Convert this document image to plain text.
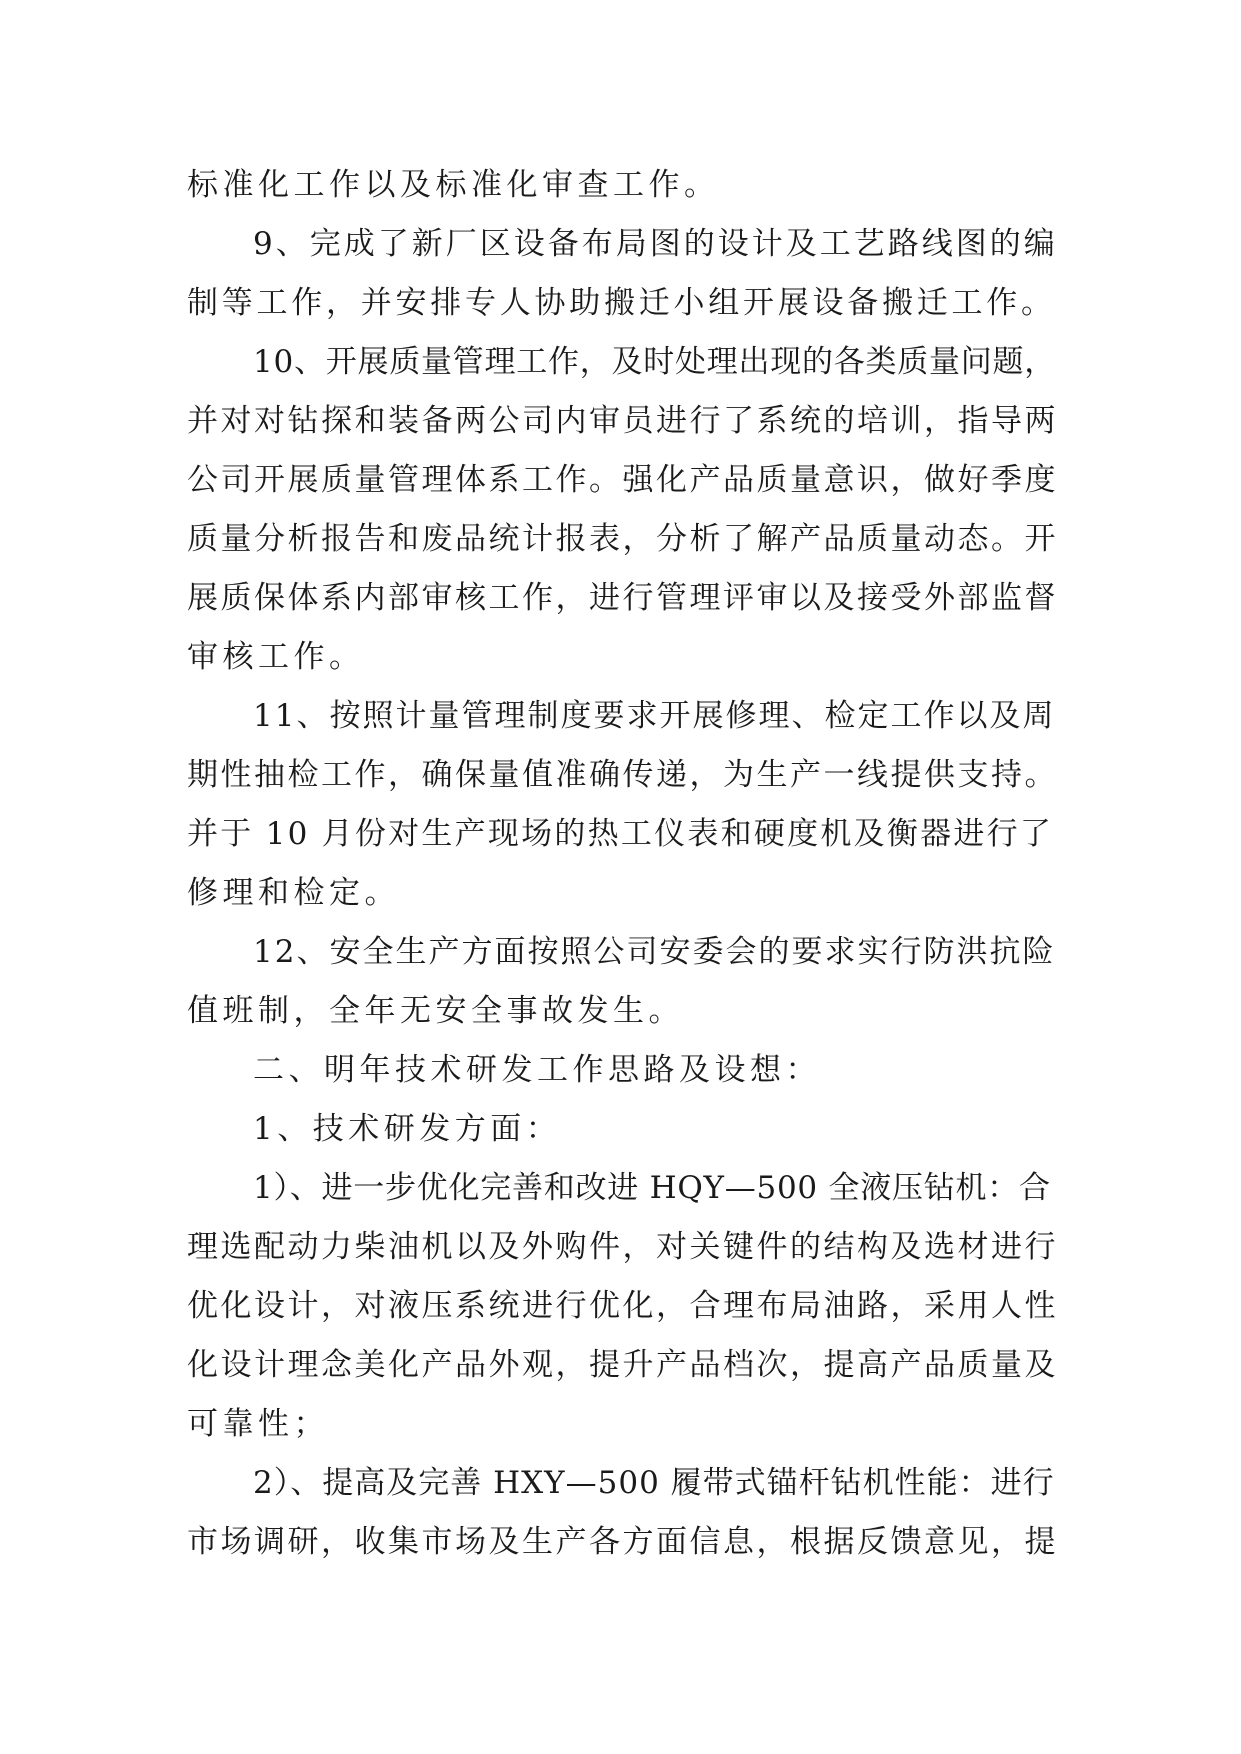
标准化工作以及标准化审查工作。

9、完成了新厂区设备布局图的设计及工艺路线图的编

制等工作，并安排专人协助搬迁小组开展设备搬迁工作。

10、开展质量管理工作，及时处理出现的各类质量问题，

并对对钻探和装备两公司内审员进行了系统的培训，指导两

公司开展质量管理体系工作。强化产品质量意识，做好季度

质量分析报告和废品统计报表，分析了解产品质量动态。开

展质保体系内部审核工作，进行管理评审以及接受外部监督

审核工作。

11、按照计量管理制度要求开展修理、检定工作以及周

期性抽检工作，确保量值准确传递，为生产一线提供支持。

并于 10 月份对生产现场的热工仪表和硬度机及衡器进行了

修理和检定。

12、安全生产方面按照公司安委会的要求实行防洪抗险

值班制，全年无安全事故发生。

二、明年技术研发工作思路及设想：

1、技术研发方面：

1）、进一步优化完善和改进 HQY—500 全液压钻机：合

理选配动力柴油机以及外购件，对关键件的结构及选材进行

优化设计，对液压系统进行优化，合理布局油路，采用人性

化设计理念美化产品外观，提升产品档次，提高产品质量及

可靠性；

2）、提高及完善 HXY—500 履带式锚杆钻机性能：进行

市场调研，收集市场及生产各方面信息，根据反馈意见，提
